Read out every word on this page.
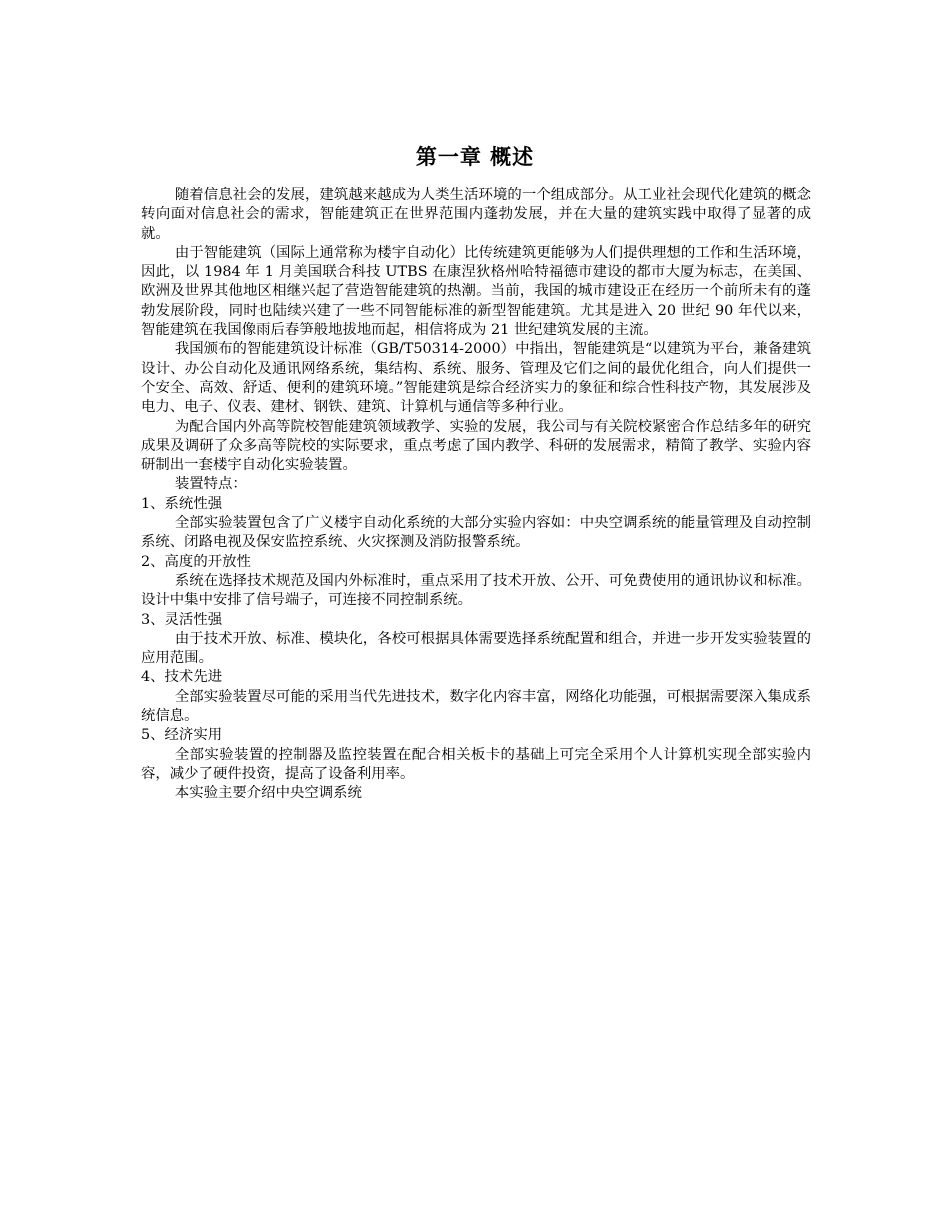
第一章 概述

随着信息社会的发展，建筑越来越成为人类生活环境的一个组成部分。从工业社会现代化建筑的概念转向面对信息社会的需求，智能建筑正在世界范围内蓬勃发展，并在大量的建筑实践中取得了显著的成就。

由于智能建筑（国际上通常称为楼宇自动化）比传统建筑更能够为人们提供理想的工作和生活环境，因此，以 1984 年 1 月美国联合科技 UTBS 在康涅狄格州哈特福德市建设的都市大厦为标志，在美国、欧洲及世界其他地区相继兴起了营造智能建筑的热潮。当前，我国的城市建设正在经历一个前所未有的蓬勃发展阶段，同时也陆续兴建了一些不同智能标准的新型智能建筑。尤其是进入 20 世纪 90 年代以来，智能建筑在我国像雨后春笋般地拔地而起，相信将成为 21 世纪建筑发展的主流。

我国颁布的智能建筑设计标准（GB/T50314-2000）中指出，智能建筑是“以建筑为平台，兼备建筑设计、办公自动化及通讯网络系统，集结构、系统、服务、管理及它们之间的最优化组合，向人们提供一个安全、高效、舒适、便利的建筑环境。”智能建筑是综合经济实力的象征和综合性科技产物，其发展涉及电力、电子、仪表、建材、钢铁、建筑、计算机与通信等多种行业。

为配合国内外高等院校智能建筑领域教学、实验的发展，我公司与有关院校紧密合作总结多年的研究成果及调研了众多高等院校的实际要求，重点考虑了国内教学、科研的发展需求，精简了教学、实验内容研制出一套楼宇自动化实验装置。

装置特点：

1、系统性强

全部实验装置包含了广义楼宇自动化系统的大部分实验内容如：中央空调系统的能量管理及自动控制系统、闭路电视及保安监控系统、火灾探测及消防报警系统。

2、高度的开放性

系统在选择技术规范及国内外标准时，重点采用了技术开放、公开、可免费使用的通讯协议和标准。设计中集中安排了信号端子，可连接不同控制系统。

3、灵活性强

由于技术开放、标准、模块化，各校可根据具体需要选择系统配置和组合，并进一步开发实验装置的应用范围。

4、技术先进

全部实验装置尽可能的采用当代先进技术，数字化内容丰富，网络化功能强，可根据需要深入集成系统信息。

5、经济实用

全部实验装置的控制器及监控装置在配合相关板卡的基础上可完全采用个人计算机实现全部实验内容，减少了硬件投资，提高了设备利用率。

本实验主要介绍中央空调系统
